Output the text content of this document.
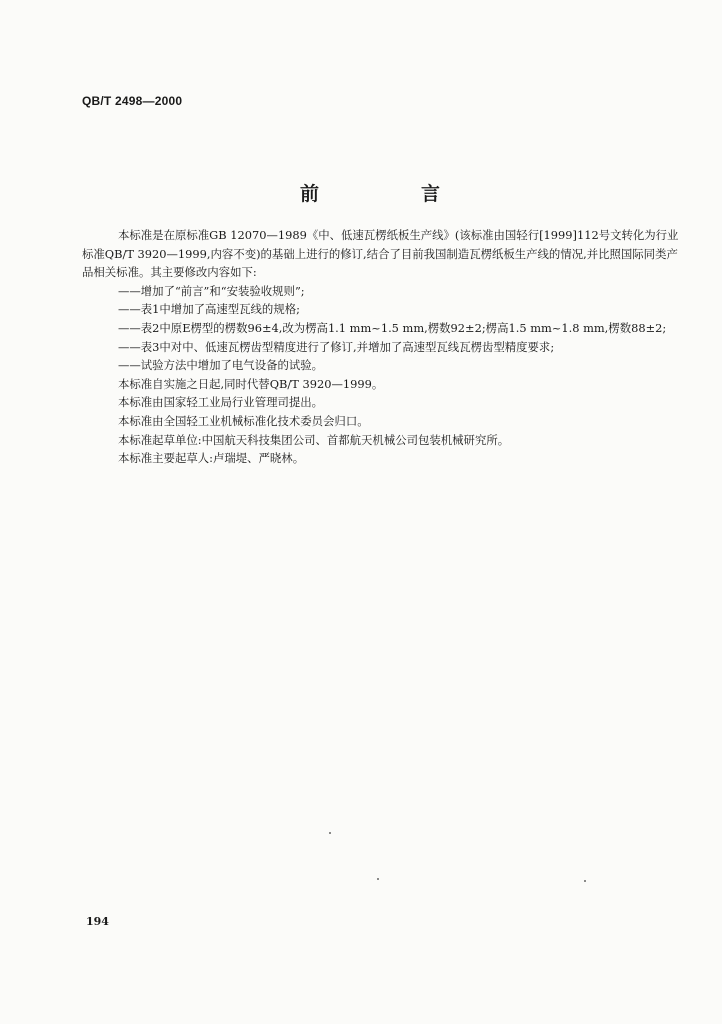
QB/T 2498—2000
前	言

本标准是在原标准GB 12070—1989《中、低速瓦楞纸板生产线》(该标准由国轻行[1999]112号文转化为行业标准QB/T 3920—1999,内容不变)的基础上进行的修订,结合了目前我国制造瓦楞纸板生产线的情况,并比照国际同类产品相关标准。其主要修改内容如下:

——增加了“前言”和“安装验收规则”;

——表1中增加了高速型瓦线的规格;

——表2中原E楞型的楞数96±4,改为楞高1.1 mm~1.5 mm,楞数92±2;楞高1.5 mm~1.8 mm,楞数88±2;

——表3中对中、低速瓦楞齿型精度进行了修订,并增加了高速型瓦线瓦楞齿型精度要求;

——试验方法中增加了电气设备的试验。

本标准自实施之日起,同时代替QB/T 3920—1999。

本标准由国家轻工业局行业管理司提出。

本标准由全国轻工业机械标准化技术委员会归口。

本标准起草单位:中国航天科技集团公司、首都航天机械公司包装机械研究所。

本标准主要起草人:卢瑞堤、严晓林。

194
